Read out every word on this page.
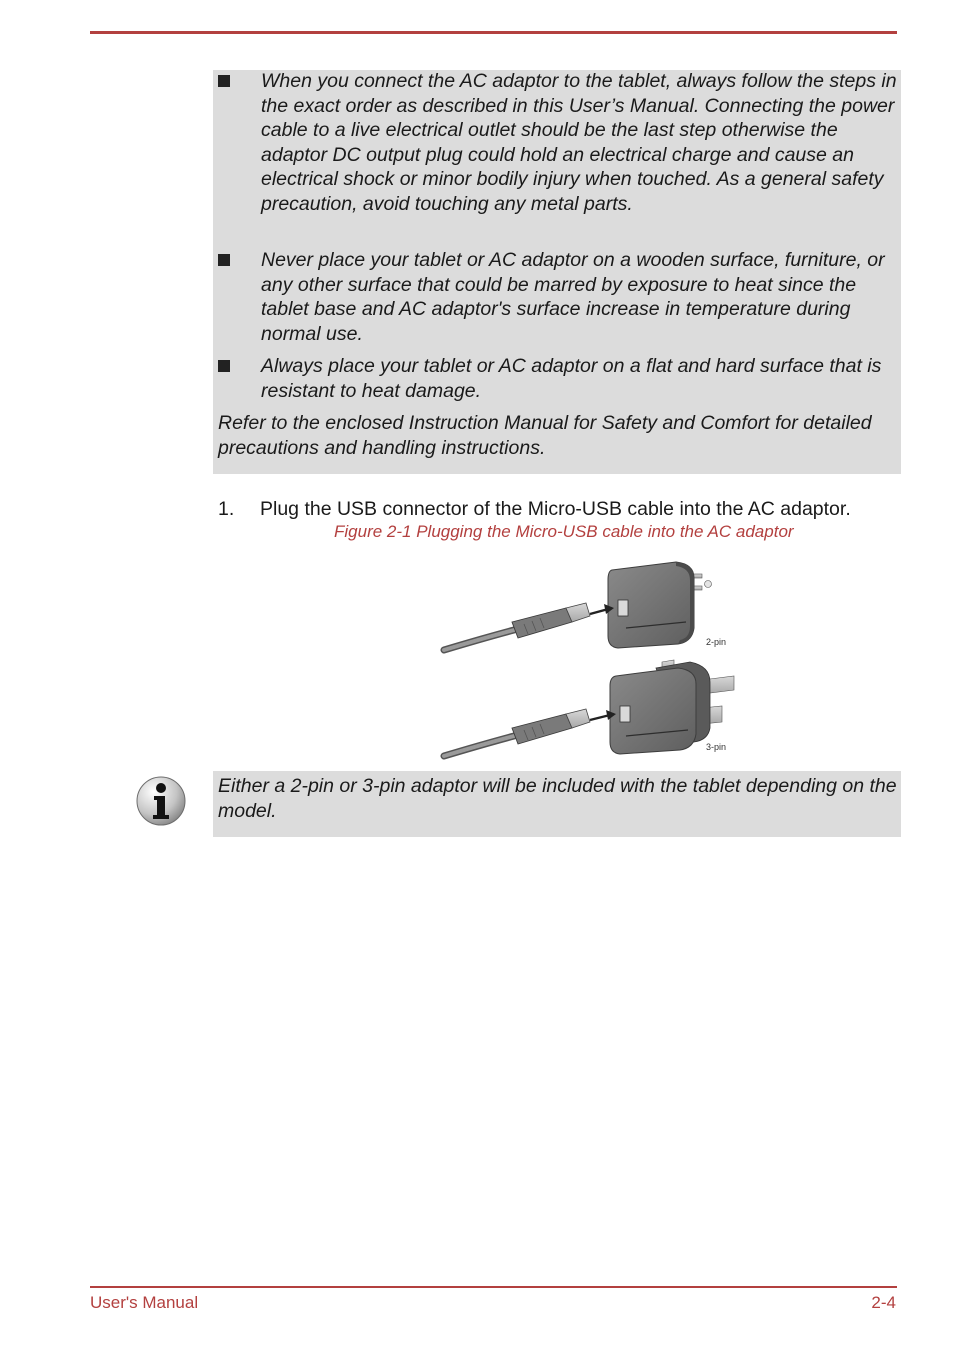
When you connect the AC adaptor to the tablet, always follow the steps in the exact order as described in this User’s Manual. Connecting the power cable to a live electrical outlet should be the last step otherwise the adaptor DC output plug could hold an electrical charge and cause an electrical shock or minor bodily injury when touched. As a general safety precaution, avoid touching any metal parts.

Never place your tablet or AC adaptor on a wooden surface, furniture, or any other surface that could be marred by exposure to heat since the tablet base and AC adaptor's surface increase in temperature during normal use.

Always place your tablet or AC adaptor on a flat and hard surface that is resistant to heat damage.

Refer to the enclosed Instruction Manual for Safety and Comfort for detailed precautions and handling instructions.

1. Plug the USB connector of the Micro-USB cable into the AC adaptor.
Figure 2-1 Plugging the Micro-USB cable into the AC adaptor
2-pin
3-pin

Either a 2-pin or 3-pin adaptor will be included with the tablet depending on the model.

User's Manual	2-4
